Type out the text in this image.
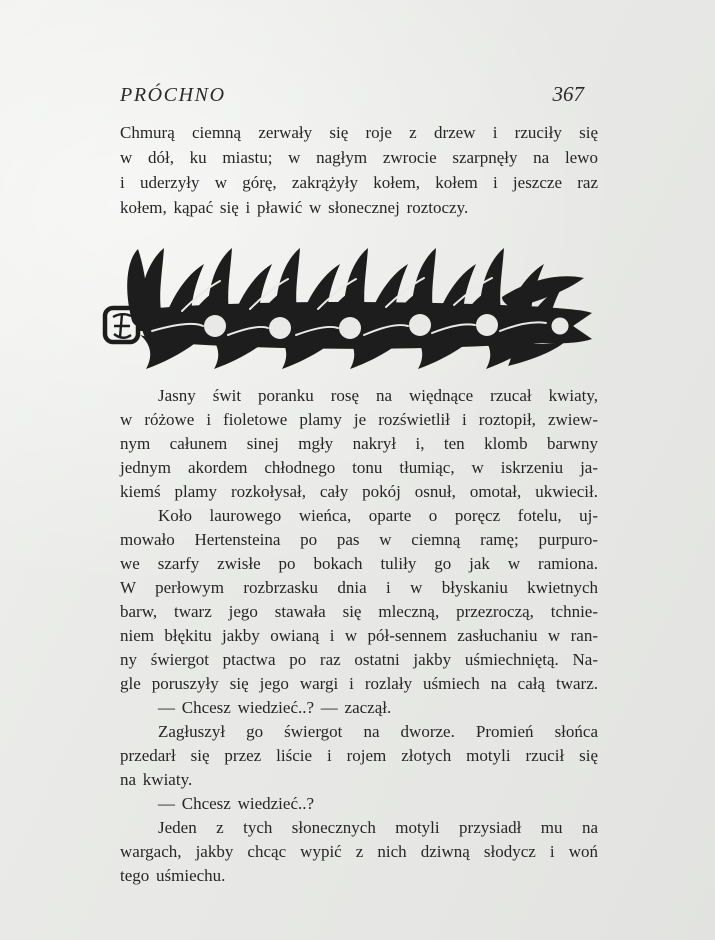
PRÓCHNO	367
Chmurą ciemną zerwały się roje z drzew i rzuciły się
w dół, ku miastu; w nagłym zwrocie szarpnęły na lewo
i uderzyły w górę, zakrążyły kołem, kołem i jeszcze raz
kołem, kąpać się i pławić w słonecznej roztoczy.
Jasny świt poranku rosę na więdnące rzucał kwiaty,
w różowe i fioletowe plamy je rozświetlił i roztopił, zwiew-
nym całunem sinej mgły nakrył i, ten klomb barwny
jednym akordem chłodnego tonu tłumiąc, w iskrzeniu ja-
kiemś plamy rozkołysał, cały pokój osnuł, omotał, ukwiecił.
Koło laurowego wieńca, oparte o poręcz fotelu, uj-
mowało Hertensteina po pas w ciemną ramę; purpuro-
we szarfy zwisłe po bokach tuliły go jak w ramiona.
W perłowym rozbrzasku dnia i w błyskaniu kwietnych
barw, twarz jego stawała się mleczną, przezroczą, tchnie-
niem błękitu jakby owianą i w pół-sennem zasłuchaniu w ran-
ny świergot ptactwa po raz ostatni jakby uśmiechniętą. Na-
gle poruszyły się jego wargi i rozlały uśmiech na całą twarz.
— Chcesz wiedzieć..? — zaczął.
Zagłuszył go świergot na dworze. Promień słońca
przedarł się przez liście i rojem złotych motyli rzucił się
na kwiaty.
— Chcesz wiedzieć..?
Jeden z tych słonecznych motyli przysiadł mu na
wargach, jakby chcąc wypić z nich dziwną słodycz i woń
tego uśmiechu.
